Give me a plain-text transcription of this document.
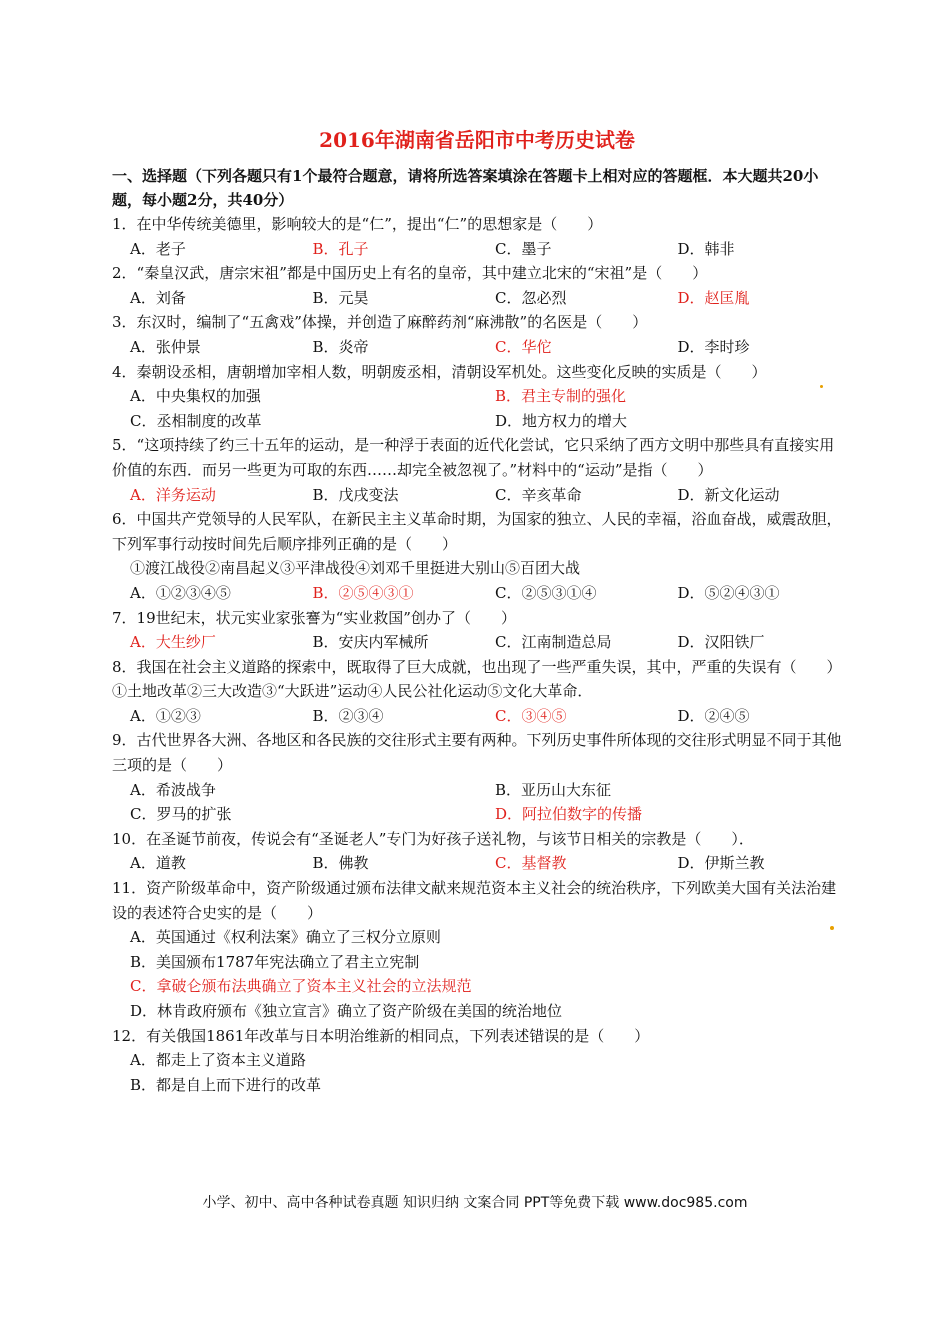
2016年湖南省岳阳市中考历史试卷
一、选择题（下列各题只有1个最符合题意，请将所选答案填涂在答题卡上相对应的答题框．本大题共20小题，每小题2分，共40分）
1．在中华传统美德里，影响较大的是“仁”，提出“仁”的思想家是（　　）
A．老子	B．孔子	C．墨子	D．韩非
2．“秦皇汉武，唐宗宋祖”都是中国历史上有名的皇帝，其中建立北宋的“宋祖”是（　　）
A．刘备	B．元昊	C．忽必烈	D．赵匡胤
3．东汉时，编制了“五禽戏”体操，并创造了麻醉药剂“麻沸散”的名医是（　　）
A．张仲景	B．炎帝	C．华佗	D．李时珍
4．秦朝设丞相，唐朝增加宰相人数，明朝废丞相，清朝设军机处。这些变化反映的实质是（　　）
A．中央集权的加强	B．君主专制的强化
C．丞相制度的改革	D．地方权力的增大
5．“这项持续了约三十五年的运动，是一种浮于表面的近代化尝试，它只采纳了西方文明中那些具有直接实用价值的东西．而另一些更为可取的东西……却完全被忽视了。”材料中的“运动”是指（　　）
A．洋务运动	B．戊戌变法	C．辛亥革命	D．新文化运动
6．中国共产党领导的人民军队，在新民主主义革命时期，为国家的独立、人民的幸福，浴血奋战，威震敌胆，下列军事行动按时间先后顺序排列正确的是（　　）
①渡江战役②南昌起义③平津战役④刘邓千里挺进大别山⑤百团大战
A．①②③④⑤	B．②⑤④③①	C．②⑤③①④	D．⑤②④③①
7．19世纪末，状元实业家张謇为“实业救国”创办了（　　）
A．大生纱厂	B．安庆内军械所	C．江南制造总局	D．汉阳铁厂
8．我国在社会主义道路的探索中，既取得了巨大成就，也出现了一些严重失误，其中，严重的失误有（　　）
①土地改革②三大改造③“大跃进”运动④人民公社化运动⑤文化大革命．
A．①②③	B．②③④	C．③④⑤	D．②④⑤
9．古代世界各大洲、各地区和各民族的交往形式主要有两种。下列历史事件所体现的交往形式明显不同于其他三项的是（　　）
A．希波战争	B．亚历山大东征
C．罗马的扩张	D．阿拉伯数字的传播
10．在圣诞节前夜，传说会有“圣诞老人”专门为好孩子送礼物，与该节日相关的宗教是（　　）．
A．道教	B．佛教	C．基督教	D．伊斯兰教
11．资产阶级革命中，资产阶级通过颁布法律文献来规范资本主义社会的统治秩序，下列欧美大国有关法治建设的表述符合史实的是（　　）
A．英国通过《权利法案》确立了三权分立原则
B．美国颁布1787年宪法确立了君主立宪制
C．拿破仑颁布法典确立了资本主义社会的立法规范
D．林肯政府颁布《独立宣言》确立了资产阶级在美国的统治地位
12．有关俄国1861年改革与日本明治维新的相同点，下列表述错误的是（　　）
A．都走上了资本主义道路
B．都是自上而下进行的改革
小学、初中、高中各种试卷真题 知识归纳 文案合同 PPT等免费下载 www.doc985.com
